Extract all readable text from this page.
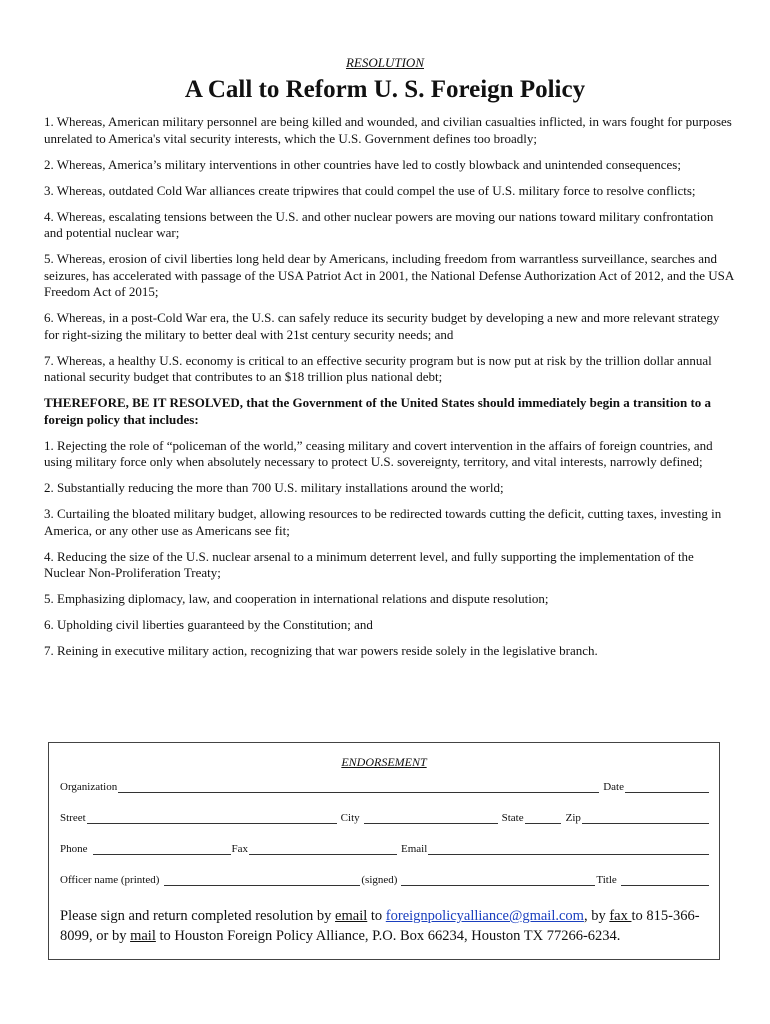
RESOLUTION
A Call to Reform U. S. Foreign Policy

1. Whereas, American military personnel are being killed and wounded, and civilian casualties inflicted, in wars fought for purposes unrelated to America's vital security interests, which the U.S. Government defines too broadly;

2. Whereas, America’s military interventions in other countries have led to costly blowback and unintended consequences;

3. Whereas, outdated Cold War alliances create tripwires that could compel the use of U.S. military force to resolve conflicts;

4. Whereas, escalating tensions between the U.S. and other nuclear powers are moving our nations toward military confrontation and potential nuclear war;

5. Whereas, erosion of civil liberties long held dear by Americans, including freedom from warrantless surveillance, searches and seizures, has accelerated with passage of the USA Patriot Act in 2001, the National Defense Authorization Act of 2012, and the USA Freedom Act of 2015;

6. Whereas, in a post-Cold War era, the U.S. can safely reduce its security budget by developing a new and more relevant strategy for right-sizing the military to better deal with 21st century security needs; and

7. Whereas, a healthy U.S. economy is critical to an effective security program but is now put at risk by the trillion dollar annual national security budget that contributes to an $18 trillion plus national debt;

THEREFORE, BE IT RESOLVED, that the Government of the United States should immediately begin a transition to a foreign policy that includes:

1. Rejecting the role of “policeman of the world,” ceasing military and covert intervention in the affairs of foreign countries, and using military force only when absolutely necessary to protect U.S. sovereignty, territory, and vital interests, narrowly defined;

2. Substantially reducing the more than 700 U.S. military installations around the world;

3. Curtailing the bloated military budget, allowing resources to be redirected towards cutting the deficit, cutting taxes, investing in America, or any other use as Americans see fit;

4. Reducing the size of the U.S. nuclear arsenal to a minimum deterrent level, and fully supporting the implementation of the Nuclear Non-Proliferation Treaty;

5. Emphasizing diplomacy, law, and cooperation in international relations and dispute resolution;

6. Upholding civil liberties guaranteed by the Constitution; and

7. Reining in executive military action, recognizing that war powers reside solely in the legislative branch.

ENDORSEMENT
Organization	Date
Street	City	State	Zip
Phone	Fax	Email
Officer name (printed)	(signed)	Title
Please sign and return completed resolution by email to foreignpolicyalliance@gmail.com, by fax to 815-366-8099, or by mail to Houston Foreign Policy Alliance, P.O. Box 66234, Houston TX 77266-6234.
